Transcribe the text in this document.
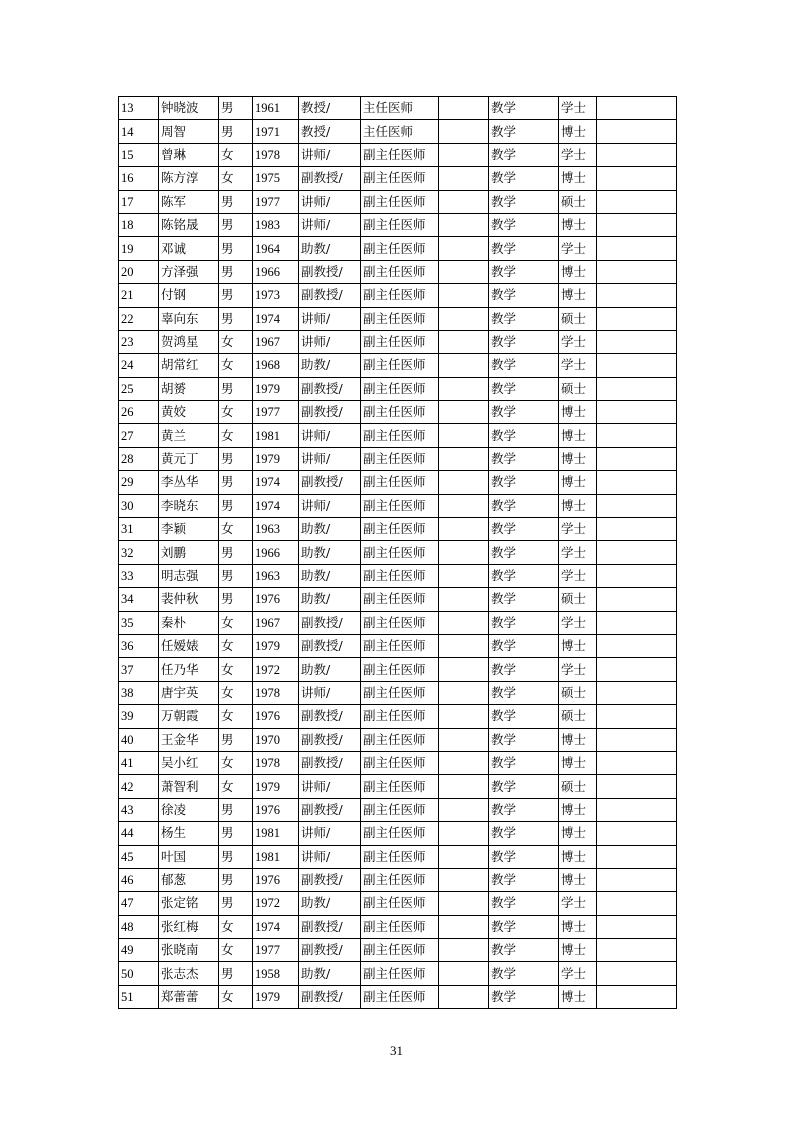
13	钟晓波	男	1961	教授/	主任医师		教学	学士	
14	周智	男	1971	教授/	主任医师		教学	博士	
15	曾琳	女	1978	讲师/	副主任医师		教学	学士	
16	陈方淳	女	1975	副教授/	副主任医师		教学	博士	
17	陈军	男	1977	讲师/	副主任医师		教学	硕士	
18	陈铭晟	男	1983	讲师/	副主任医师		教学	博士	
19	邓诚	男	1964	助教/	副主任医师		教学	学士	
20	方泽强	男	1966	副教授/	副主任医师		教学	博士	
21	付钢	男	1973	副教授/	副主任医师		教学	博士	
22	辜向东	男	1974	讲师/	副主任医师		教学	硕士	
23	贺鸿星	女	1967	讲师/	副主任医师		教学	学士	
24	胡常红	女	1968	助教/	副主任医师		教学	学士	
25	胡赟	男	1979	副教授/	副主任医师		教学	硕士	
26	黄姣	女	1977	副教授/	副主任医师		教学	博士	
27	黄兰	女	1981	讲师/	副主任医师		教学	博士	
28	黄元丁	男	1979	讲师/	副主任医师		教学	博士	
29	李丛华	男	1974	副教授/	副主任医师		教学	博士	
30	李晓东	男	1974	讲师/	副主任医师		教学	博士	
31	李颖	女	1963	助教/	副主任医师		教学	学士	
32	刘鹏	男	1966	助教/	副主任医师		教学	学士	
33	明志强	男	1963	助教/	副主任医师		教学	学士	
34	裴仲秋	男	1976	助教/	副主任医师		教学	硕士	
35	秦朴	女	1967	副教授/	副主任医师		教学	学士	
36	任嫒婊	女	1979	副教授/	副主任医师		教学	博士	
37	任乃华	女	1972	助教/	副主任医师		教学	学士	
38	唐宇英	女	1978	讲师/	副主任医师		教学	硕士	
39	万朝霞	女	1976	副教授/	副主任医师		教学	硕士	
40	王金华	男	1970	副教授/	副主任医师		教学	博士	
41	吴小红	女	1978	副教授/	副主任医师		教学	博士	
42	萧智利	女	1979	讲师/	副主任医师		教学	硕士	
43	徐凌	男	1976	副教授/	副主任医师		教学	博士	
44	杨生	男	1981	讲师/	副主任医师		教学	博士	
45	叶国	男	1981	讲师/	副主任医师		教学	博士	
46	郁葱	男	1976	副教授/	副主任医师		教学	博士	
47	张定铭	男	1972	助教/	副主任医师		教学	学士	
48	张红梅	女	1974	副教授/	副主任医师		教学	博士	
49	张晓南	女	1977	副教授/	副主任医师		教学	博士	
50	张志杰	男	1958	助教/	副主任医师		教学	学士	
51	郑蕾蕾	女	1979	副教授/	副主任医师		教学	博士	
31
